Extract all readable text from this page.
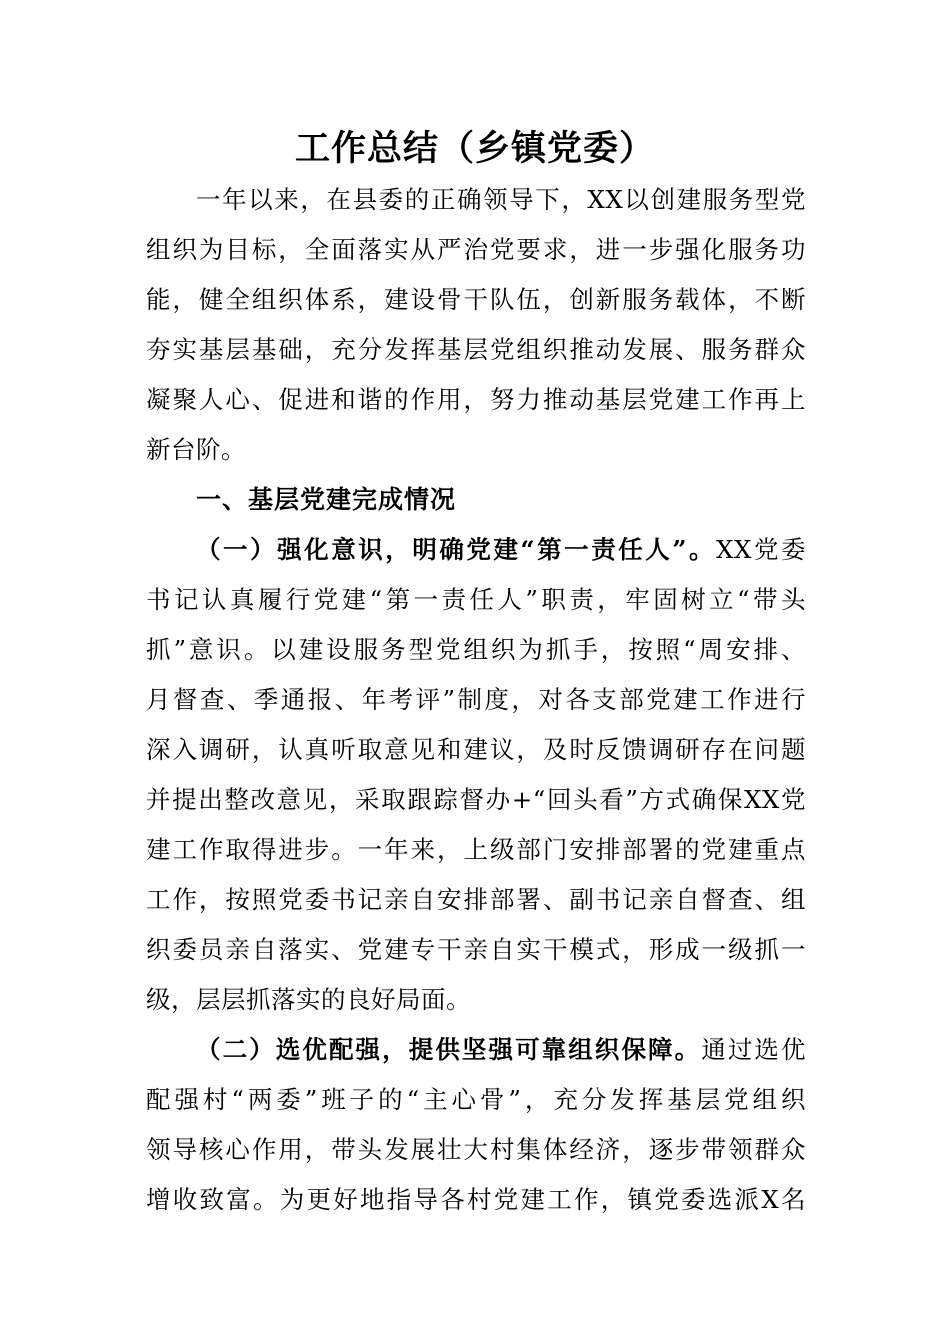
工作总结（乡镇党委）
一年以来，在县委的正确领导下，XX以创建服务型党
组织为目标，全面落实从严治党要求，进一步强化服务功
能，健全组织体系，建设骨干队伍，创新服务载体，不断
夯实基层基础，充分发挥基层党组织推动发展、服务群众
凝聚人心、促进和谐的作用，努力推动基层党建工作再上
新台阶。
一、基层党建完成情况
（一）强化意识，明确党建“第一责任人”。XX党委
书记认真履行党建“第一责任人”职责，牢固树立“带头
抓”意识。以建设服务型党组织为抓手，按照“周安排、
月督查、季通报、年考评”制度，对各支部党建工作进行
深入调研，认真听取意见和建议，及时反馈调研存在问题
并提出整改意见，采取跟踪督办+“回头看”方式确保XX党
建工作取得进步。一年来，上级部门安排部署的党建重点
工作，按照党委书记亲自安排部署、副书记亲自督查、组
织委员亲自落实、党建专干亲自实干模式，形成一级抓一
级，层层抓落实的良好局面。
（二）选优配强，提供坚强可靠组织保障。通过选优
配强村“两委”班子的“主心骨”，充分发挥基层党组织
领导核心作用，带头发展壮大村集体经济，逐步带领群众
增收致富。为更好地指导各村党建工作，镇党委选派X名
